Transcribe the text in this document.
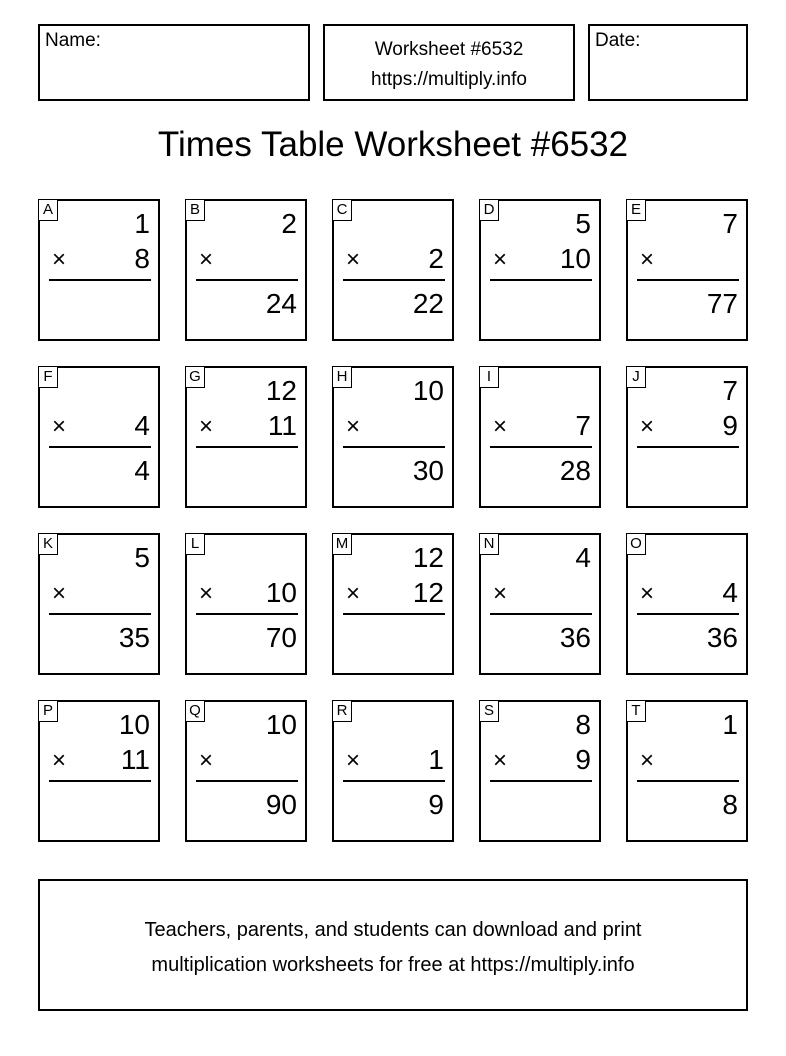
Name:	Worksheet #6532
https://multiply.info
Date:
Times Table Worksheet #6532
A	1
× 8
B	2
×
24
C
× 2
22
D	5
× 10
E	7
×
77
F
× 4
4
G 12
× 11
H 10
×
30
I
× 7
28
J	7
× 9
K	5
×
35
L
× 10
70
M 12
× 12
N	4
×
36
O
× 4
36
P 10
× 11
Q 10
×
90
R
× 1
9
S	8
× 9
T	1
×
8
Teachers, parents, and students can download and print
multiplication worksheets for free at https://multiply.info
